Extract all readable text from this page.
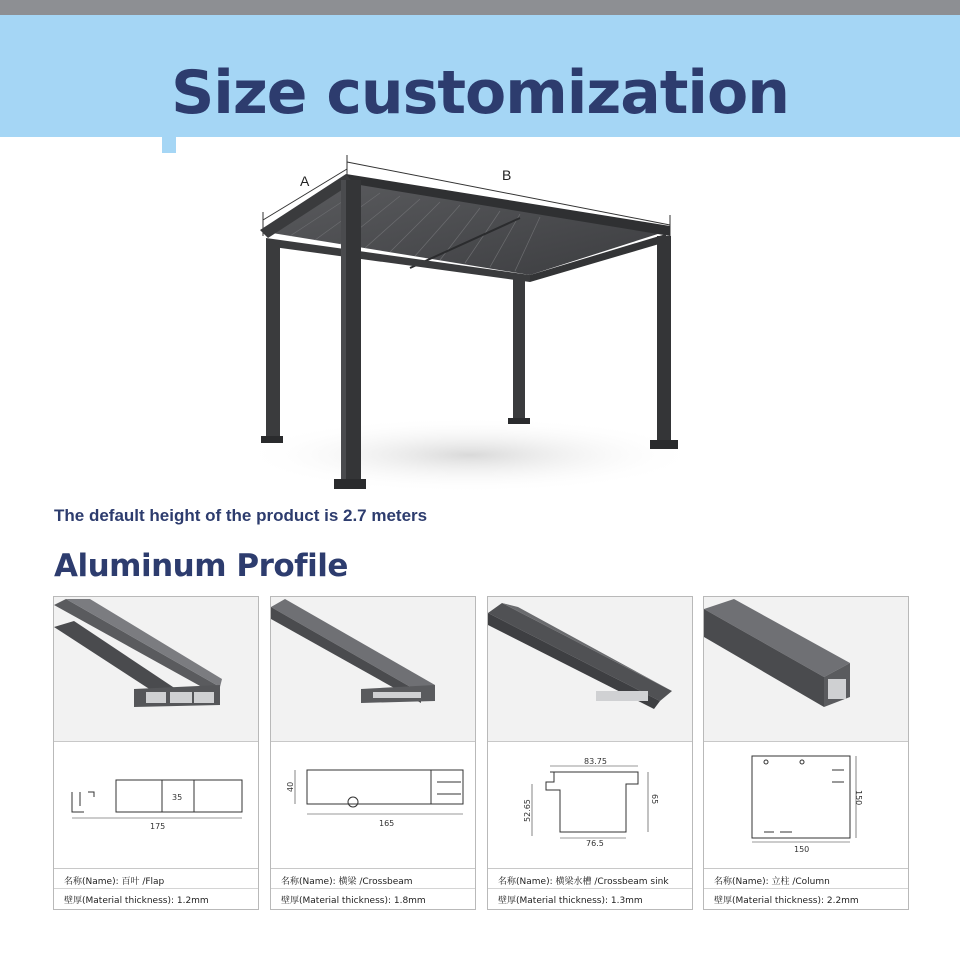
Size customization
A	B

The default height of the product is 2.7 meters

Aluminum Profile
35
175
名称(Name): 百叶 /Flap
壁厚(Material thickness): 1.2mm
40
165
名称(Name): 横梁 /Crossbeam
壁厚(Material thickness): 1.8mm
83.75
52.65	65
76.5
名称(Name): 横梁水槽 /Crossbeam sink
壁厚(Material thickness): 1.3mm
150
150
名称(Name): 立柱 /Column
壁厚(Material thickness): 2.2mm
